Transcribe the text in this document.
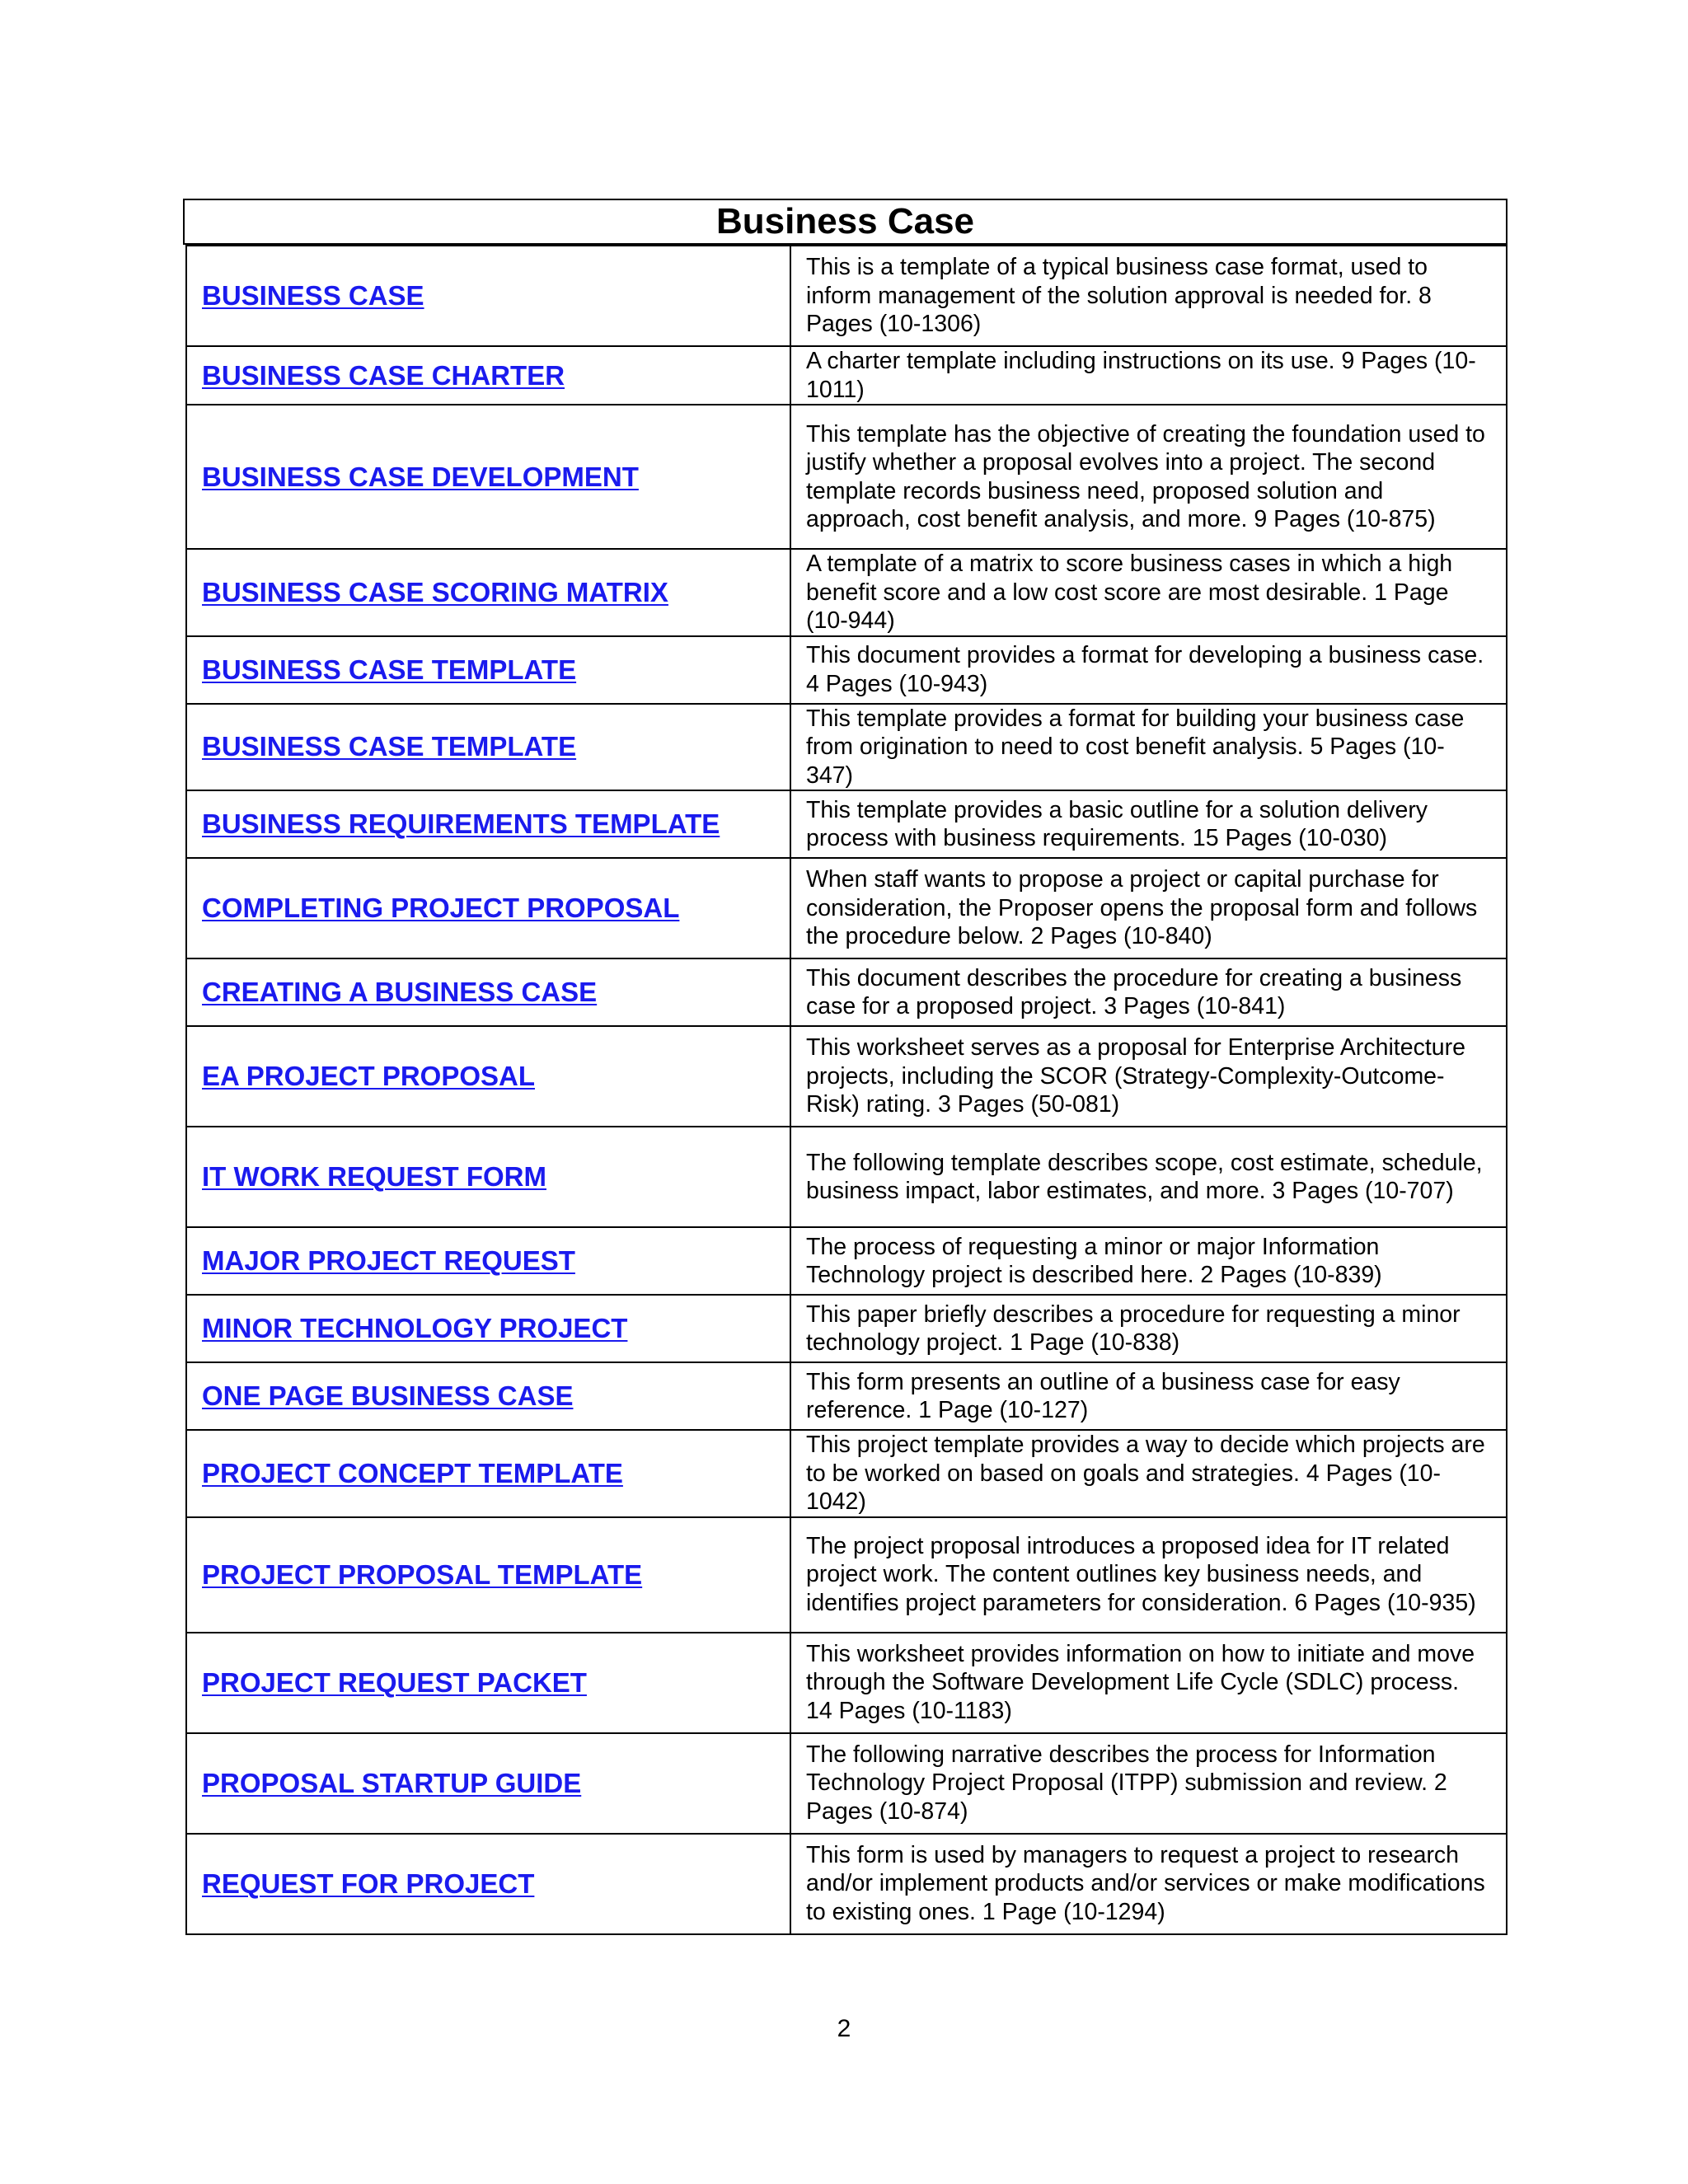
Business Case
BUSINESS CASE	This is a template of a typical business case format, used to inform management of the solution approval is needed for. 8 Pages (10-1306)

BUSINESS CASE CHARTER	A charter template including instructions on its use. 9 Pages (10-1011)

BUSINESS CASE DEVELOPMENT	This template has the objective of creating the foundation used to justify whether a proposal evolves into a project. The second template records business need, proposed solution and approach, cost benefit analysis, and more. 9 Pages (10-875)

BUSINESS CASE SCORING MATRIX	A template of a matrix to score business cases in which a high benefit score and a low cost score are most desirable. 1 Page (10-944)

BUSINESS CASE TEMPLATE	This document provides a format for developing a business case. 4 Pages (10-943)

BUSINESS CASE TEMPLATE	This template provides a format for building your business case from origination to need to cost benefit analysis. 5 Pages (10-347)

BUSINESS REQUIREMENTS TEMPLATE	This template provides a basic outline for a solution delivery process with business requirements. 15 Pages (10-030)

COMPLETING PROJECT PROPOSAL	When staff wants to propose a project or capital purchase for consideration, the Proposer opens the proposal form and follows the procedure below. 2 Pages (10-840)

CREATING A BUSINESS CASE	This document describes the procedure for creating a business case for a proposed project. 3 Pages (10-841)

EA PROJECT PROPOSAL	This worksheet serves as a proposal for Enterprise Architecture projects, including the SCOR (Strategy-Complexity-Outcome-Risk) rating. 3 Pages (50-081)

IT WORK REQUEST FORM	The following template describes scope, cost estimate, schedule, business impact, labor estimates, and more. 3 Pages (10-707)

MAJOR PROJECT REQUEST	The process of requesting a minor or major Information Technology project is described here. 2 Pages (10-839)

MINOR TECHNOLOGY PROJECT	This paper briefly describes a procedure for requesting a minor technology project. 1 Page (10-838)

ONE PAGE BUSINESS CASE	This form presents an outline of a business case for easy reference. 1 Page (10-127)

PROJECT CONCEPT TEMPLATE	This project template provides a way to decide which projects are to be worked on based on goals and strategies. 4 Pages (10-1042)

PROJECT PROPOSAL TEMPLATE	The project proposal introduces a proposed idea for IT related project work. The content outlines key business needs, and identifies project parameters for consideration. 6 Pages (10-935)

PROJECT REQUEST PACKET	This worksheet provides information on how to initiate and move through the Software Development Life Cycle (SDLC) process. 14 Pages (10-1183)

PROPOSAL STARTUP GUIDE	The following narrative describes the process for Information Technology Project Proposal (ITPP) submission and review. 2 Pages (10-874)

REQUEST FOR PROJECT	This form is used by managers to request a project to research and/or implement products and/or services or make modifications to existing ones. 1 Page (10-1294)
2
